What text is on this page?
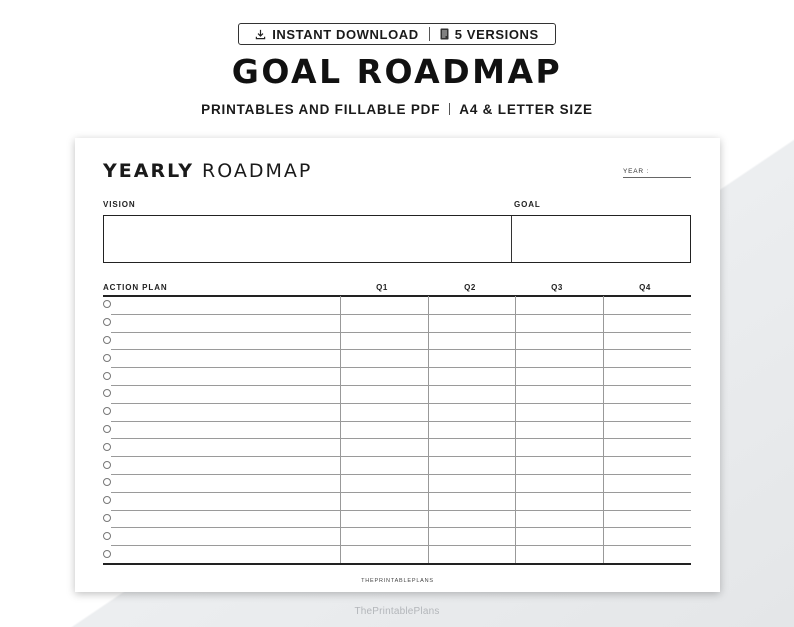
INSTANT DOWNLOAD	5 VERSIONS
GOAL ROADMAP
PRINTABLES AND FILLABLE PDF A4 & LETTER SIZE
YEARLY ROADMAP	YEAR :
VISION	GOAL
ACTION PLAN	Q1	Q2	Q3	Q4
THEPRINTABLEPLANS
ThePrintablePlans
